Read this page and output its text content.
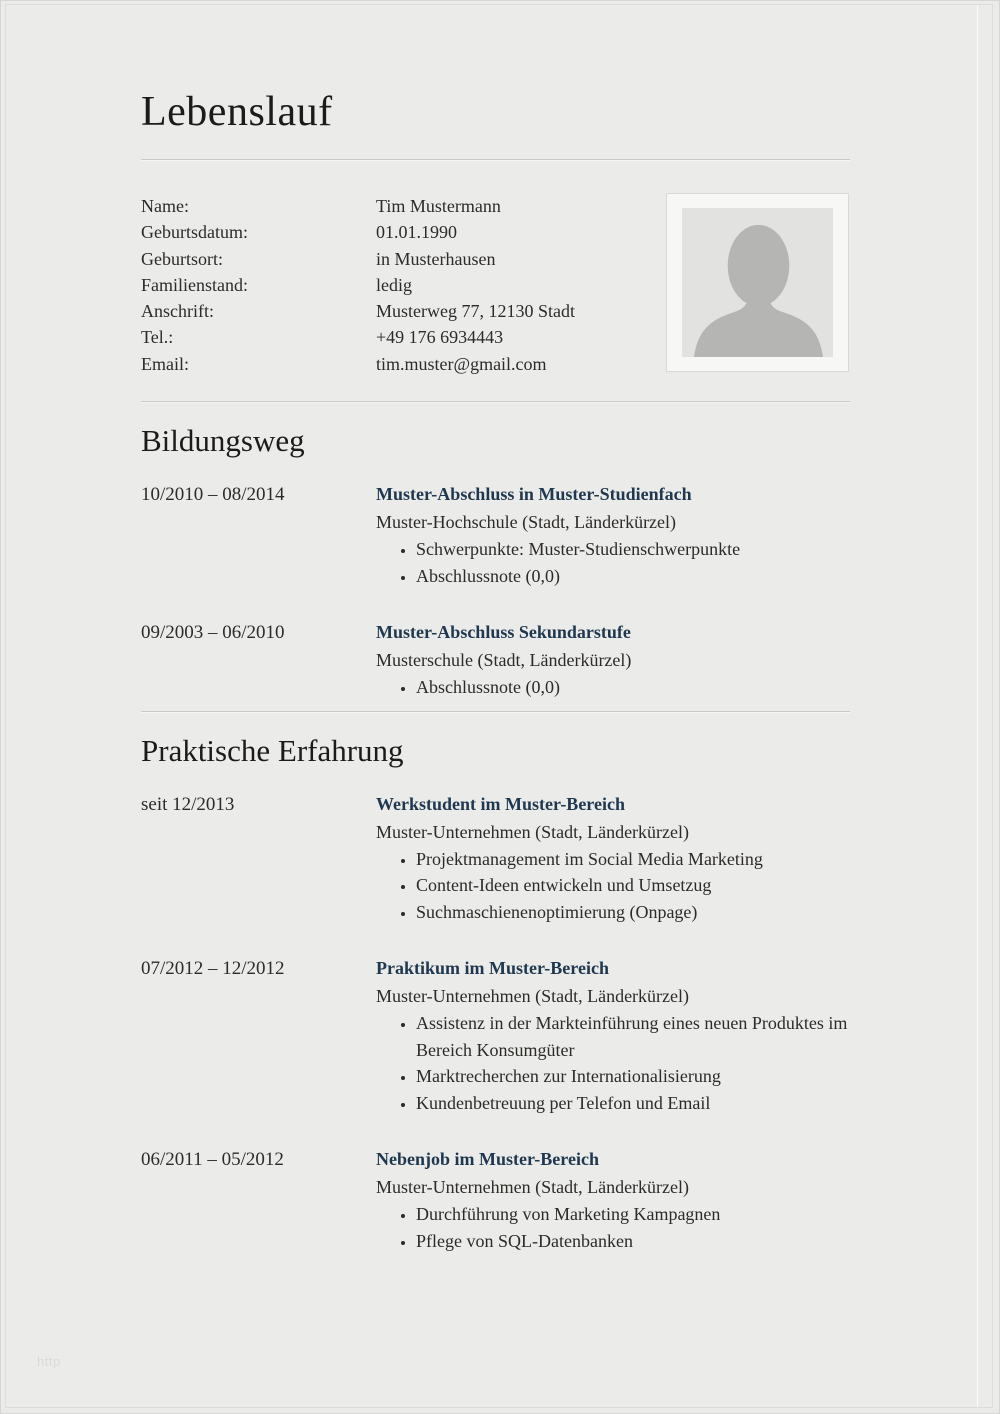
Lebenslauf
Name:	Tim Mustermann
Geburtsdatum:	01.01.1990
Geburtsort:	in Musterhausen
Familienstand:	ledig
Anschrift:	Musterweg 77, 12130 Stadt
Tel.:	+49 176 6934443
Email:	tim.muster@gmail.com
Bildungsweg
10/2010 – 08/2014	Muster-Abschluss in Muster-Studienfach
Muster-Hochschule (Stadt, Länderkürzel)
• Schwerpunkte: Muster-Studienschwerpunkte
• Abschlussnote (0,0)
09/2003 – 06/2010	Muster-Abschluss Sekundarstufe
Musterschule (Stadt, Länderkürzel)
• Abschlussnote (0,0)
Praktische Erfahrung
seit 12/2013	Werkstudent im Muster-Bereich
Muster-Unternehmen (Stadt, Länderkürzel)
• Projektmanagement im Social Media Marketing
• Content-Ideen entwickeln und Umsetzug
• Suchmaschienenoptimierung (Onpage)
07/2012 – 12/2012	Praktikum im Muster-Bereich
Muster-Unternehmen (Stadt, Länderkürzel)
• Assistenz in der Markteinführung eines neuen Produktes im Bereich Konsumgüter
• Marktrecherchen zur Internationalisierung
• Kundenbetreuung per Telefon und Email
06/2011 – 05/2012	Nebenjob im Muster-Bereich
Muster-Unternehmen (Stadt, Länderkürzel)
• Durchführung von Marketing Kampagnen
• Pflege von SQL-Datenbanken
http
